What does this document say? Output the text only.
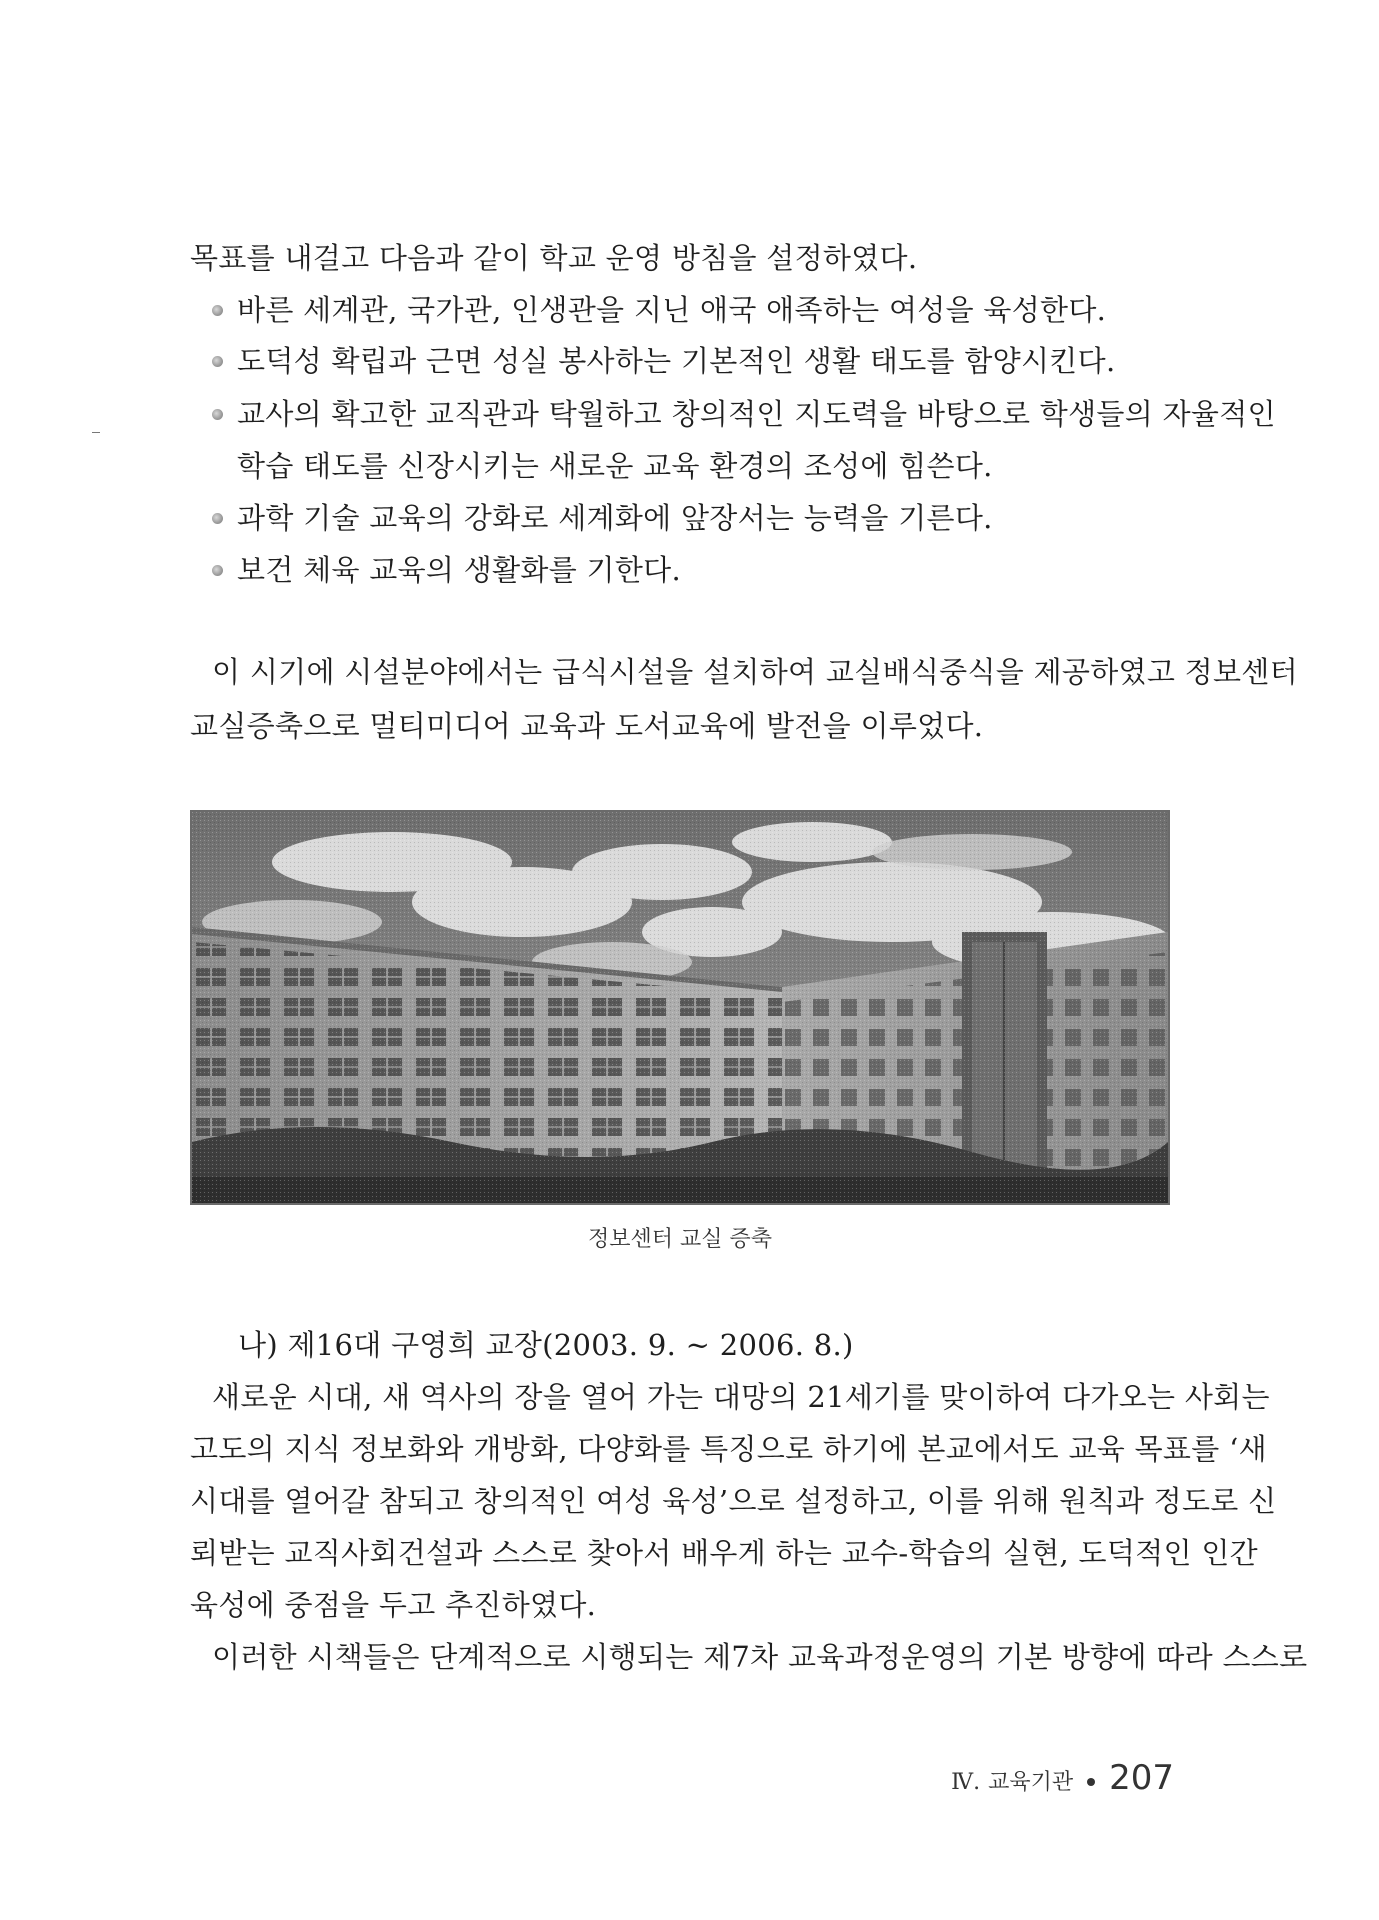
목표를 내걸고 다음과 같이 학교 운영 방침을 설정하였다.
바른 세계관, 국가관, 인생관을 지닌 애국 애족하는 여성을 육성한다.
도덕성 확립과 근면 성실 봉사하는 기본적인 생활 태도를 함양시킨다.
교사의 확고한 교직관과 탁월하고 창의적인 지도력을 바탕으로 학생들의 자율적인
학습 태도를 신장시키는 새로운 교육 환경의 조성에 힘쓴다.
과학 기술 교육의 강화로 세계화에 앞장서는 능력을 기른다.
보건 체육 교육의 생활화를 기한다.
이 시기에 시설분야에서는 급식시설을 설치하여 교실배식중식을 제공하였고 정보센터
교실증축으로 멀티미디어 교육과 도서교육에 발전을 이루었다.
정보센터 교실 증축
나) 제16대 구영희 교장(2003. 9. ~ 2006. 8.)
새로운 시대, 새 역사의 장을 열어 가는 대망의 21세기를 맞이하여 다가오는 사회는
고도의 지식 정보화와 개방화, 다양화를 특징으로 하기에 본교에서도 교육 목표를 ‘새
시대를 열어갈 참되고 창의적인 여성 육성’으로 설정하고, 이를 위해 원칙과 정도로 신
뢰받는 교직사회건설과 스스로 찾아서 배우게 하는 교수-학습의 실현, 도덕적인 인간
육성에 중점을 두고 추진하였다.
이러한 시책들은 단계적으로 시행되는 제7차 교육과정운영의 기본 방향에 따라 스스로
Ⅳ. 교육기관 207
